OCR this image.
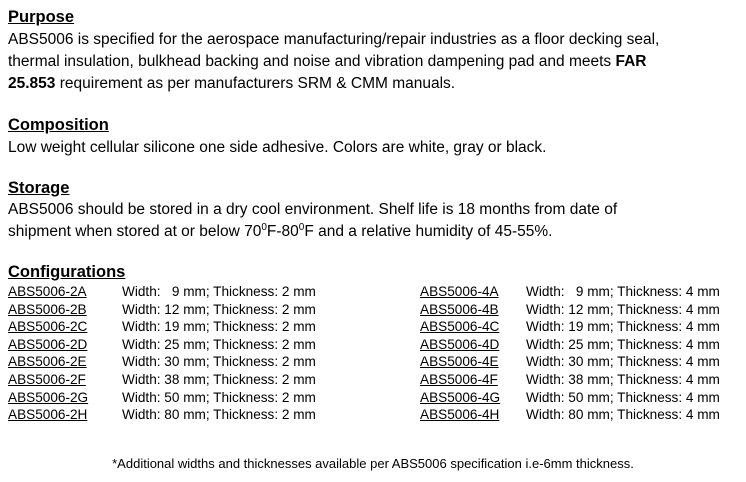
Purpose
ABS5006 is specified for the aerospace manufacturing/repair industries as a floor decking seal,
thermal insulation, bulkhead backing and noise and vibration dampening pad and meets FAR
25.853 requirement as per manufacturers SRM & CMM manuals.
Composition
Low weight cellular silicone one side adhesive. Colors are white, gray or black.
Storage
ABS5006 should be stored in a dry cool environment. Shelf life is 18 months from date of
shipment when stored at or below $70^0F-80^0F$ and a relative humidity of 45-55%.
Configurations
ABS5006-2A	Width:   9 mm; Thickness: 2 mm
ABS5006-2B	Width: 12 mm; Thickness: 2 mm
ABS5006-2C	Width: 19 mm; Thickness: 2 mm
ABS5006-2D	Width: 25 mm; Thickness: 2 mm
ABS5006-2E	Width: 30 mm; Thickness: 2 mm
ABS5006-2F	Width: 38 mm; Thickness: 2 mm
ABS5006-2G	Width: 50 mm; Thickness: 2 mm
ABS5006-2H	Width: 80 mm; Thickness: 2 mm
ABS5006-4A	Width:   9 mm; Thickness: 4 mm
ABS5006-4B	Width: 12 mm; Thickness: 4 mm
ABS5006-4C	Width: 19 mm; Thickness: 4 mm
ABS5006-4D	Width: 25 mm; Thickness: 4 mm
ABS5006-4E	Width: 30 mm; Thickness: 4 mm
ABS5006-4F	Width: 38 mm; Thickness: 4 mm
ABS5006-4G	Width: 50 mm; Thickness: 4 mm
ABS5006-4H	Width: 80 mm; Thickness: 4 mm
*Additional widths and thicknesses available per ABS5006 specification i.e-6mm thickness.
